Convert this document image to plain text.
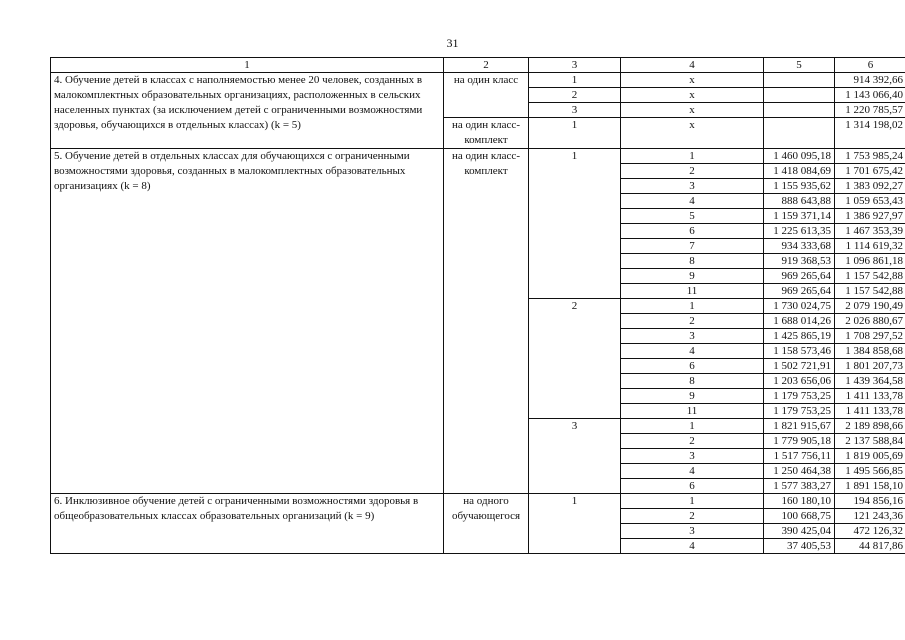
31
1	2	3	4	5	6
4. Обучение детей в классах с наполняемостью менее 20 человек, созданных в малокомплектных образовательных организациях, расположенных в сельских населенных пунктах (за исключением детей с ограниченными возможностями здоровья, обучающихся в отдельных классах) (k = 5)	на один класс	1	х		914 392,66
		2	х		1 143 066,40
		3	х		1 220 785,57
	на один класс-комплект	1	х		1 314 198,02
5. Обучение детей в отдельных классах для обучающихся с ограниченными возможностями здоровья, созданных в малокомплектных образовательных организациях (k = 8)	на один класс-комплект	1	1	1 460 095,18	1 753 985,24
			2	1 418 084,69	1 701 675,42
			3	1 155 935,62	1 383 092,27
			4	888 643,88	1 059 653,43
			5	1 159 371,14	1 386 927,97
			6	1 225 613,35	1 467 353,39
			7	934 333,68	1 114 619,32
			8	919 368,53	1 096 861,18
			9	969 265,64	1 157 542,88
			11	969 265,64	1 157 542,88
		2	1	1 730 024,75	2 079 190,49
			2	1 688 014,26	2 026 880,67
			3	1 425 865,19	1 708 297,52
			4	1 158 573,46	1 384 858,68
			6	1 502 721,91	1 801 207,73
			8	1 203 656,06	1 439 364,58
			9	1 179 753,25	1 411 133,78
			11	1 179 753,25	1 411 133,78
		3	1	1 821 915,67	2 189 898,66
			2	1 779 905,18	2 137 588,84
			3	1 517 756,11	1 819 005,69
			4	1 250 464,38	1 495 566,85
			6	1 577 383,27	1 891 158,10
6. Инклюзивное обучение детей с ограниченными возможностями здоровья в общеобразовательных классах образовательных организаций (k = 9)	на одного обучающегося	1	1	160 180,10	194 856,16
			2	100 668,75	121 243,36
			3	390 425,04	472 126,32
			4	37 405,53	44 817,86
